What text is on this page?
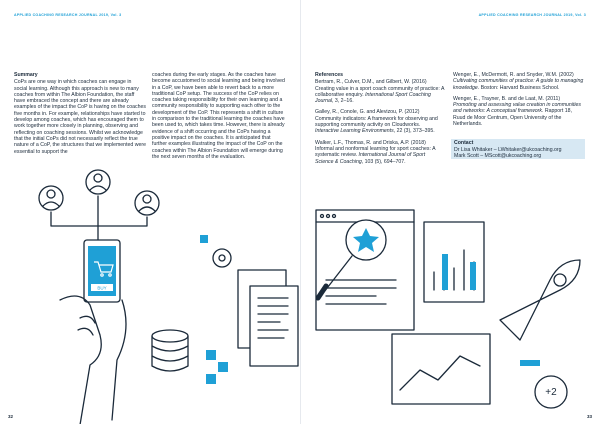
APPLIED COACHING RESEARCH JOURNAL 2019, Vol. 3	APPLIED COACHING RESEARCH JOURNAL 2019, Vol. 3
Summary
CoPs are one way in which coaches can engage in social learning. Although this approach is new to many coaches from within The Albion Foundation, the staff have embraced the concept and there are already examples of the impact the CoP is having on the coaches five months in. For example, relationships have started to develop among coaches, which has encouraged them to work together more closely in planning, observing and reflecting on coaching sessions. Whilst we acknowledge that the initial CoPs did not necessarily reflect the true nature of a CoP, the structures that we implemented were essential to support the
coaches during the early stages. As the coaches have become accustomed to social learning and being involved in a CoP, we have been able to revert back to a more traditional CoP setup. The success of the CoP relies on coaches taking responsibility for their own learning and a community responsibility to supporting each other to the development of the CoP. This represents a shift in culture in comparison to the traditional learning the coaches have been used to, which takes time. However, there is already evidence of a shift occurring and the CoPs having a positive impact on the coaches. It is anticipated that further examples illustrating the impact of the CoP on the coaches within The Albion Foundation will emerge during the next seven months of the evaluation.
References

Bertram, R., Culver, D.M., and Gilbert, W. (2016) Creating value in a sport coach community of practice: A collaborative enquiry. International Sport Coaching Journal, 3, 2–16.

Galley, R., Conole, G. and Alevizou, P. (2012) Community indicators: A framework for observing and supporting community activity on Cloudworks. Interactive Learning Environments, 22 (3), 373–395.

Walker, L.F., Thomas, R. and Driska, A.P. (2018) Informal and nonformal learning for sport coaches: A systematic review. International Journal of Sport Science & Coaching, 103 (5), 694–707.

Wenger, E., McDermott, R. and Snyder, W.M. (2002) Cultivating communities of practice: A guide to managing knowledge. Boston: Harvard Business School.

Wenger, E., Trayner, B. and de Laat, M. (2011) Promoting and assessing value creation in communities and networks: A conceptual framework. Rapport 18, Ruud de Moor Centrum, Open University of the Netherlands.

Contact
Dr Lisa Whitaker – LWhitaker@ukcoaching.org
Mark Scott – MScott@ukcoaching.org
BUY
+2
32	33
